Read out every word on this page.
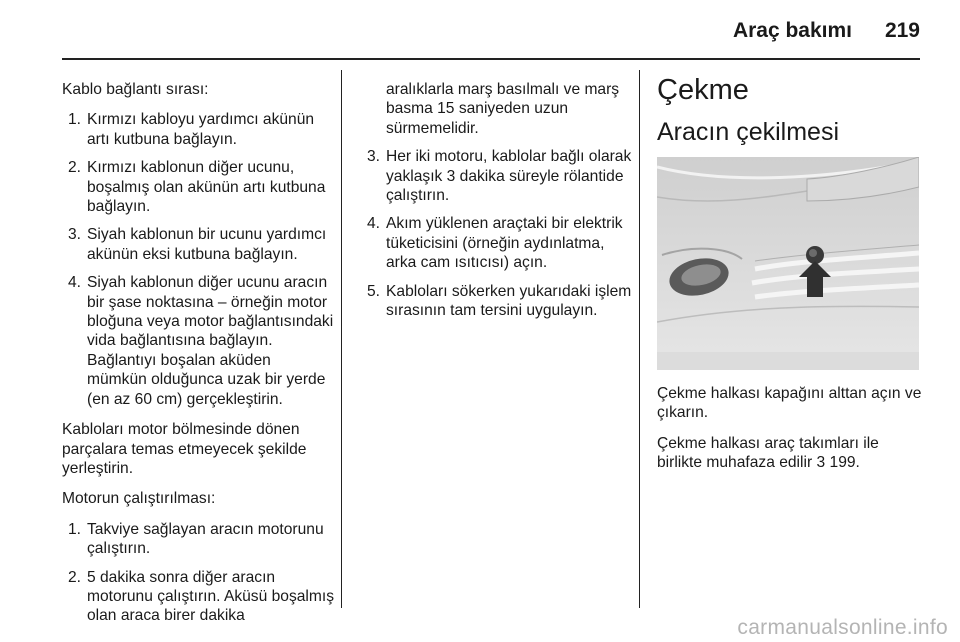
Araç bakımı 219

Kablo bağlantı sırası:

1. Kırmızı kabloyu yardımcı akünün artı kutbuna bağlayın.
2. Kırmızı kablonun diğer ucunu, boşalmış olan akünün artı kutbuna bağlayın.
3. Siyah kablonun bir ucunu yardımcı akünün eksi kutbuna bağlayın.
4. Siyah kablonun diğer ucunu aracın bir şase noktasına – örneğin motor bloğuna veya motor bağlantısındaki vida bağlantısına bağlayın. Bağlantıyı boşalan aküden mümkün olduğunca uzak bir yerde (en az 60 cm) gerçekleştirin.

Kabloları motor bölmesinde dönen parçalara temas etmeyecek şekilde yerleştirin.

Motorun çalıştırılması:

1. Takviye sağlayan aracın motorunu çalıştırın.
2. 5 dakika sonra diğer aracın motorunu çalıştırın. Aküsü boşalmış olan araca birer dakika

aralıklarla marş basılmalı ve marş basma 15 saniyeden uzun sürmemelidir.

3. Her iki motoru, kablolar bağlı olarak yaklaşık 3 dakika süreyle rölantide çalıştırın.
4. Akım yüklenen araçtaki bir elektrik tüketicisini (örneğin aydınlatma, arka cam ısıtıcısı) açın.
5. Kabloları sökerken yukarıdaki işlem sırasının tam tersini uygulayın.
Çekme
Aracın çekilmesi

Çekme halkası kapağını alttan açın ve çıkarın.

Çekme halkası araç takımları ile birlikte muhafaza edilir 3 199.

carmanualsonline.info
